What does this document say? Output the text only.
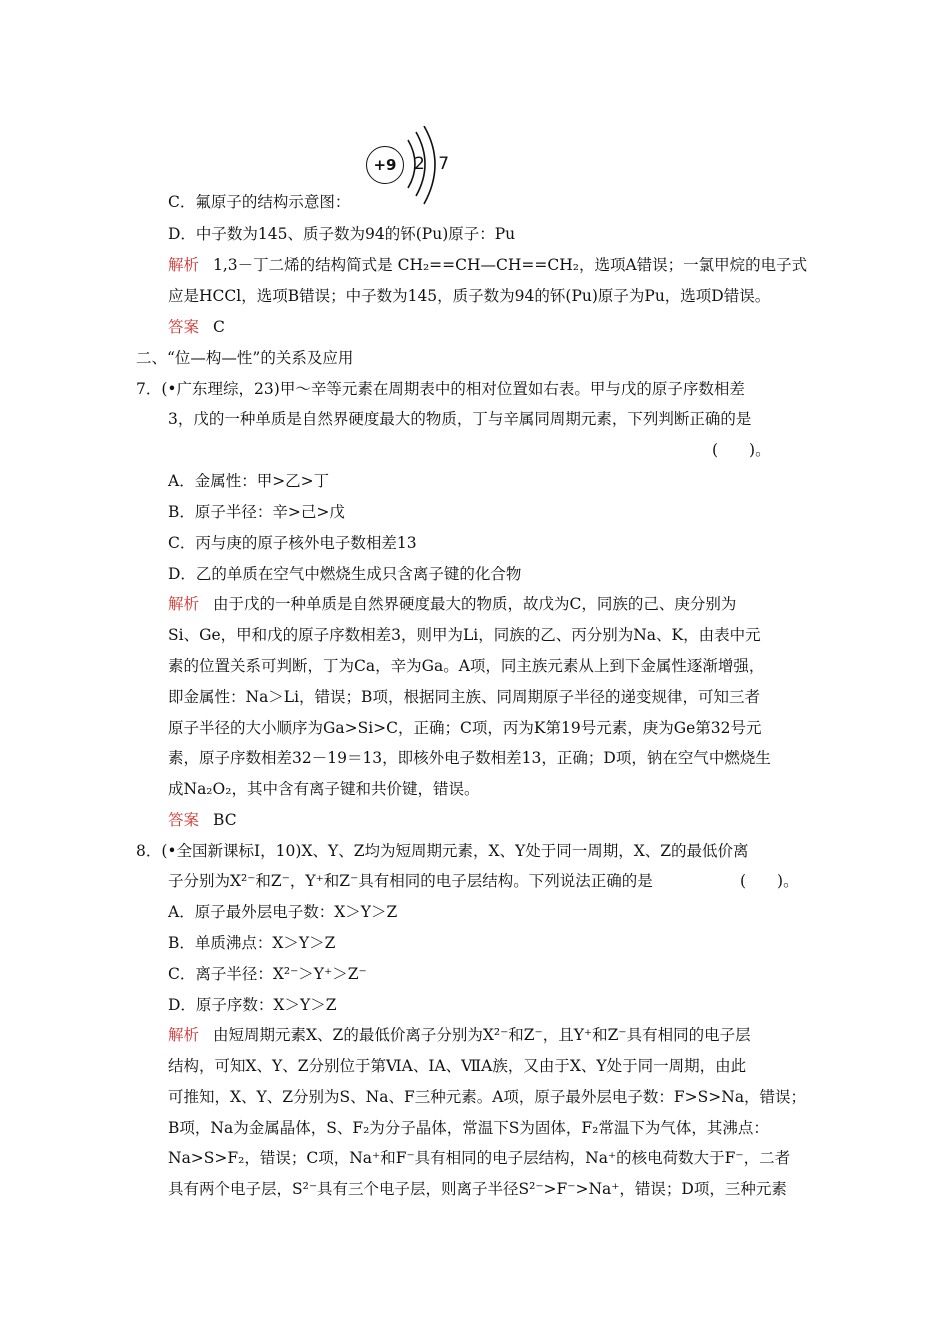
+9	2 7
C．氟原子的结构示意图：
D．中子数为145、质子数为94的钚(Pu)原子：Pu
解析 1,3－丁二烯的结构简式是 CH₂==CH—CH==CH₂，选项A错误；一氯甲烷的电子式
应是HCCl，选项B错误；中子数为145，质子数为94的钚(Pu)原子为Pu，选项D错误。
答案 C
二、“位—构—性”的关系及应用
7．(•广东理综，23)甲～辛等元素在周期表中的相对位置如右表。甲与戊的原子序数相差
3，戊的一种单质是自然界硬度最大的物质，丁与辛属同周期元素，下列判断正确的是
(　　)。
A．金属性：甲>乙>丁
B．原子半径：辛>己>戊
C．丙与庚的原子核外电子数相差13
D．乙的单质在空气中燃烧生成只含离子键的化合物
解析 由于戊的一种单质是自然界硬度最大的物质，故戊为C，同族的己、庚分别为
Si、Ge，甲和戊的原子序数相差3，则甲为Li，同族的乙、丙分别为Na、K，由表中元
素的位置关系可判断，丁为Ca，辛为Ga。A项，同主族元素从上到下金属性逐渐增强，
即金属性：Na＞Li，错误；B项，根据同主族、同周期原子半径的递变规律，可知三者
原子半径的大小顺序为Ga>Si>C，正确；C项，丙为K第19号元素，庚为Ge第32号元
素，原子序数相差32－19＝13，即核外电子数相差13，正确；D项，钠在空气中燃烧生
成Na₂O₂，其中含有离子键和共价键，错误。
答案 BC
8．(•全国新课标Ⅰ，10)X、Y、Z均为短周期元素，X、Y处于同一周期，X、Z的最低价离
子分别为X²⁻和Z⁻，Y⁺和Z⁻具有相同的电子层结构。下列说法正确的是	(　　)。
A．原子最外层电子数：X＞Y＞Z
B．单质沸点：X＞Y＞Z
C．离子半径：X²⁻＞Y⁺＞Z⁻
D．原子序数：X＞Y＞Z
解析 由短周期元素X、Z的最低价离子分别为X²⁻和Z⁻，且Y⁺和Z⁻具有相同的电子层
结构，可知X、Y、Z分别位于第ⅥA、ⅠA、ⅦA族，又由于X、Y处于同一周期，由此
可推知，X、Y、Z分别为S、Na、F三种元素。A项，原子最外层电子数：F>S>Na，错误；
B项，Na为金属晶体，S、F₂为分子晶体，常温下S为固体，F₂常温下为气体，其沸点：
Na>S>F₂，错误；C项，Na⁺和F⁻具有相同的电子层结构，Na⁺的核电荷数大于F⁻，二者
具有两个电子层，S²⁻具有三个电子层，则离子半径S²⁻>F⁻>Na⁺，错误；D项，三种元素
